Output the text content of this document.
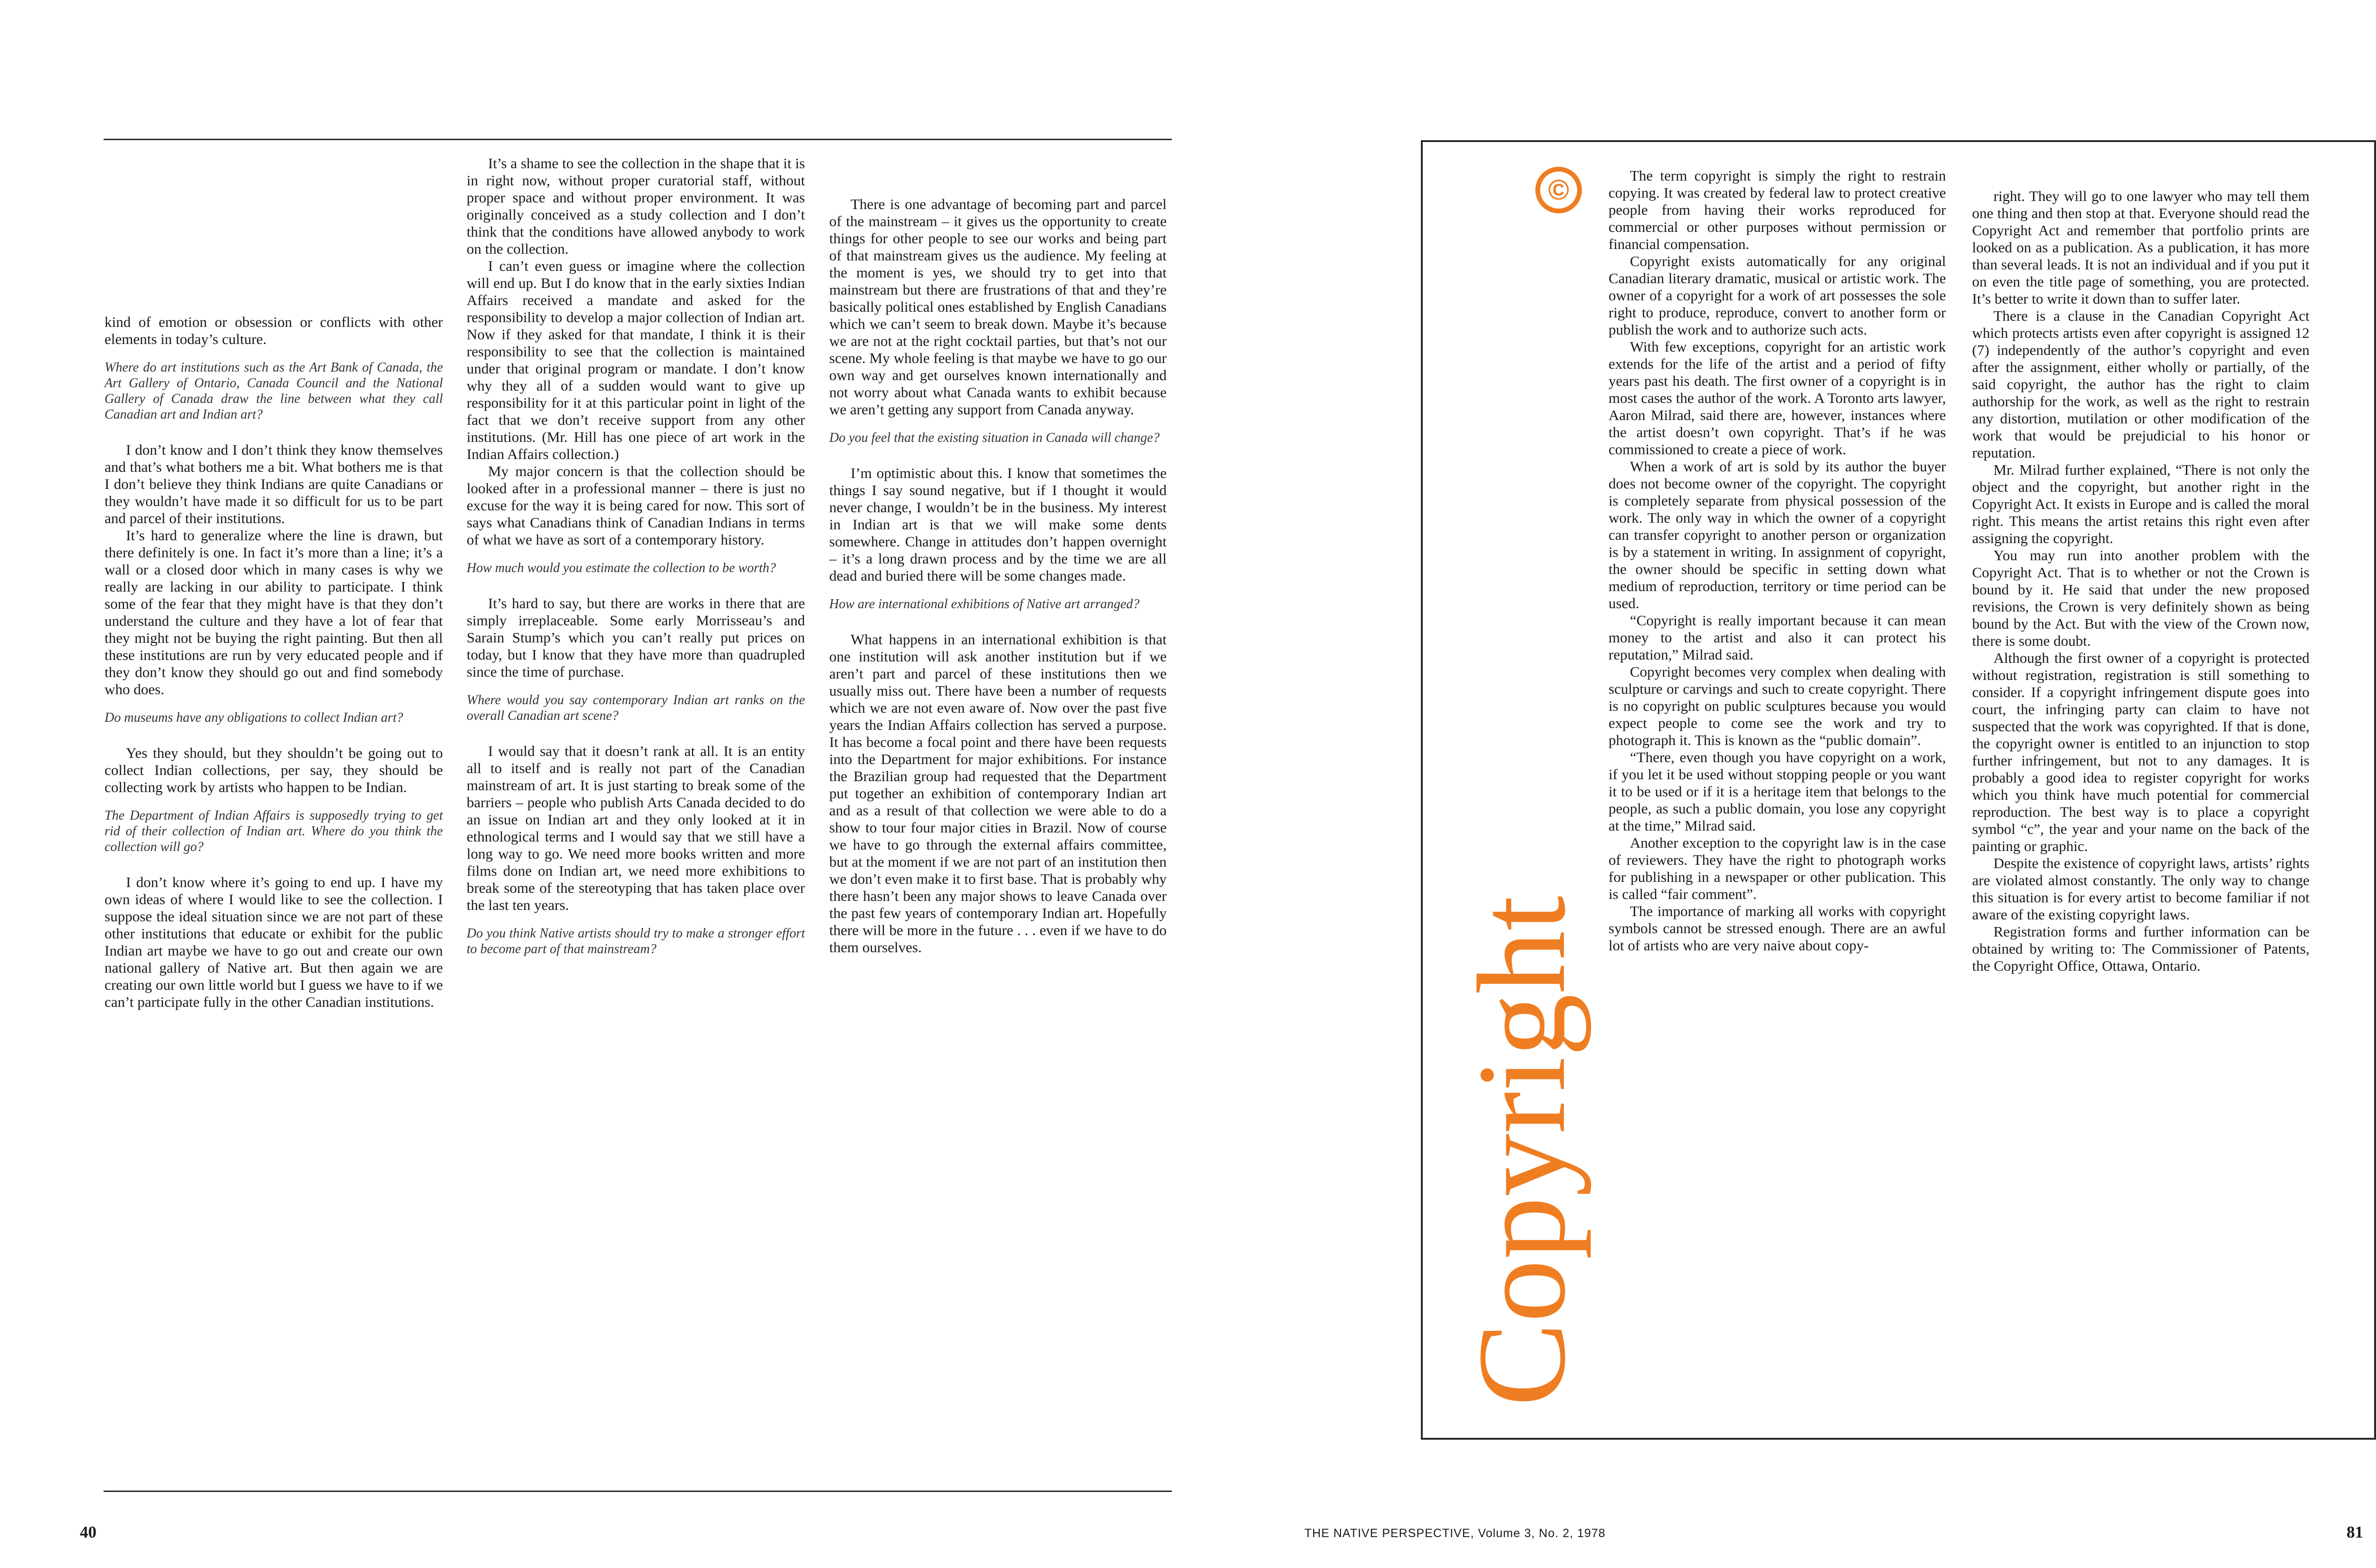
kind of emotion or obsession or conflicts with other elements in today’s culture.

Where do art institutions such as the Art Bank of Canada, the Art Gallery of Ontario, Canada Council and the National Gallery of Canada draw the line between what they call Canadian art and Indian art?

I don’t know and I don’t think they know themselves and that’s what bothers me a bit. What bothers me is that I don’t believe they think Indians are quite Canadians or they wouldn’t have made it so difficult for us to be part and parcel of their institutions.

It’s hard to generalize where the line is drawn, but there definitely is one. In fact it’s more than a line; it’s a wall or a closed door which in many cases is why we really are lacking in our ability to participate. I think some of the fear that they might have is that they don’t understand the culture and they have a lot of fear that they might not be buying the right painting. But then all these institutions are run by very educated people and if they don’t know they should go out and find somebody who does.

Do museums have any obligations to collect Indian art?

Yes they should, but they shouldn’t be going out to collect Indian collections, per say, they should be collecting work by artists who happen to be Indian.

The Department of Indian Affairs is supposedly trying to get rid of their collection of Indian art. Where do you think the collection will go?

I don’t know where it’s going to end up. I have my own ideas of where I would like to see the collection. I suppose the ideal situation since we are not part of these other institutions that educate or exhibit for the public Indian art maybe we have to go out and create our own national gallery of Native art. But then again we are creating our own little world but I guess we have to if we can’t participate fully in the other Canadian institutions.

It’s a shame to see the collection in the shape that it is in right now, without proper curatorial staff, without proper space and without proper environment. It was originally conceived as a study collection and I don’t think that the conditions have allowed anybody to work on the collection.

I can’t even guess or imagine where the collection will end up. But I do know that in the early sixties Indian Affairs received a mandate and asked for the responsibility to develop a major collection of Indian art. Now if they asked for that mandate, I think it is their responsibility to see that the collection is maintained under that original program or mandate. I don’t know why they all of a sudden would want to give up responsibility for it at this particular point in light of the fact that we don’t receive support from any other institutions. (Mr. Hill has one piece of art work in the Indian Affairs collection.)

My major concern is that the collection should be looked after in a professional manner – there is just no excuse for the way it is being cared for now. This sort of says what Canadians think of Canadian Indians in terms of what we have as sort of a contemporary history.

How much would you estimate the collection to be worth?

It’s hard to say, but there are works in there that are simply irreplaceable. Some early Morrisseau’s and Sarain Stump’s which you can’t really put prices on today, but I know that they have more than quadrupled since the time of purchase.

Where would you say contemporary Indian art ranks on the overall Canadian art scene?

I would say that it doesn’t rank at all. It is an entity all to itself and is really not part of the Canadian mainstream of art. It is just starting to break some of the barriers – people who publish Arts Canada decided to do an issue on Indian art and they only looked at it in ethnological terms and I would say that we still have a long way to go. We need more books written and more films done on Indian art, we need more exhibitions to break some of the stereotyping that has taken place over the last ten years.

Do you think Native artists should try to make a stronger effort to become part of that mainstream?

There is one advantage of becoming part and parcel of the mainstream – it gives us the opportunity to create things for other people to see our works and being part of that mainstream gives us the audience. My feeling at the moment is yes, we should try to get into that mainstream but there are frustrations of that and they’re basically political ones established by English Canadians which we can’t seem to break down. Maybe it’s because we are not at the right cocktail parties, but that’s not our scene. My whole feeling is that maybe we have to go our own way and get ourselves known internationally and not worry about what Canada wants to exhibit because we aren’t getting any support from Canada anyway.

Do you feel that the existing situation in Canada will change?

I’m optimistic about this. I know that sometimes the things I say sound negative, but if I thought it would never change, I wouldn’t be in the business. My interest in Indian art is that we will make some dents somewhere. Change in attitudes don’t happen overnight – it’s a long drawn process and by the time we are all dead and buried there will be some changes made.

How are international exhibitions of Native art arranged?

What happens in an international exhibition is that one institution will ask another institution but if we aren’t part and parcel of these institutions then we usually miss out. There have been a number of requests which we are not even aware of. Now over the past five years the Indian Affairs collection has served a purpose. It has become a focal point and there have been requests into the Department for major exhibitions. For instance the Brazilian group had requested that the Department put together an exhibition of contemporary Indian art and as a result of that collection we were able to do a show to tour four major cities in Brazil. Now of course we have to go through the external affairs committee, but at the moment if we are not part of an institution then we don’t even make it to first base. That is probably why there hasn’t been any major shows to leave Canada over the past few years of contemporary Indian art. Hopefully there will be more in the future . . . even if we have to do them ourselves.

40	THE NATIVE PERSPECTIVE, Volume 3, No. 2, 1978	81
©
Copyright

The term copyright is simply the right to restrain copying. It was created by federal law to protect creative people from having their works reproduced for commercial or other purposes without permission or financial compensation.

Copyright exists automatically for any original Canadian literary dramatic, musical or artistic work. The owner of a copyright for a work of art possesses the sole right to produce, reproduce, convert to another form or publish the work and to authorize such acts.

With few exceptions, copyright for an artistic work extends for the life of the artist and a period of fifty years past his death. The first owner of a copyright is in most cases the author of the work. A Toronto arts lawyer, Aaron Milrad, said there are, however, instances where the artist doesn’t own copyright. That’s if he was commissioned to create a piece of work.

When a work of art is sold by its author the buyer does not become owner of the copyright. The copyright is completely separate from physical possession of the work. The only way in which the owner of a copyright can transfer copyright to another person or organization is by a statement in writing. In assignment of copyright, the owner should be specific in setting down what medium of reproduction, territory or time period can be used.

“Copyright is really important because it can mean money to the artist and also it can protect his reputation,” Milrad said.

Copyright becomes very complex when dealing with sculpture or carvings and such to create copyright. There is no copyright on public sculptures because you would expect people to come see the work and try to photograph it. This is known as the “public domain”.

“There, even though you have copyright on a work, if you let it be used without stopping people or you want it to be used or if it is a heritage item that belongs to the people, as such a public domain, you lose any copyright at the time,” Milrad said.

Another exception to the copyright law is in the case of reviewers. They have the right to photograph works for publishing in a newspaper or other publication. This is called “fair comment”.

The importance of marking all works with copyright symbols cannot be stressed enough. There are an awful lot of artists who are very naive about copy-

right. They will go to one lawyer who may tell them one thing and then stop at that. Everyone should read the Copyright Act and remember that portfolio prints are looked on as a publication. As a publication, it has more than several leads. It is not an individual and if you put it on even the title page of something, you are protected. It’s better to write it down than to suffer later.

There is a clause in the Canadian Copyright Act which protects artists even after copyright is assigned 12 (7) independently of the author’s copyright and even after the assignment, either wholly or partially, of the said copyright, the author has the right to claim authorship for the work, as well as the right to restrain any distortion, mutilation or other modification of the work that would be prejudicial to his honor or reputation.

Mr. Milrad further explained, “There is not only the object and the copyright, but another right in the Copyright Act. It exists in Europe and is called the moral right. This means the artist retains this right even after assigning the copyright.

You may run into another problem with the Copyright Act. That is to whether or not the Crown is bound by it. He said that under the new proposed revisions, the Crown is very definitely shown as being bound by the Act. But with the view of the Crown now, there is some doubt.

Although the first owner of a copyright is protected without registration, registration is still something to consider. If a copyright infringement dispute goes into court, the infringing party can claim to have not suspected that the work was copyrighted. If that is done, the copyright owner is entitled to an injunction to stop further infringement, but not to any damages. It is probably a good idea to register copyright for works which you think have much potential for commercial reproduction. The best way is to place a copyright symbol “c”, the year and your name on the back of the painting or graphic.

Despite the existence of copyright laws, artists’ rights are violated almost constantly. The only way to change this situation is for every artist to become familiar if not aware of the existing copyright laws.

Registration forms and further information can be obtained by writing to: The Commissioner of Patents, the Copyright Office, Ottawa, Ontario.
